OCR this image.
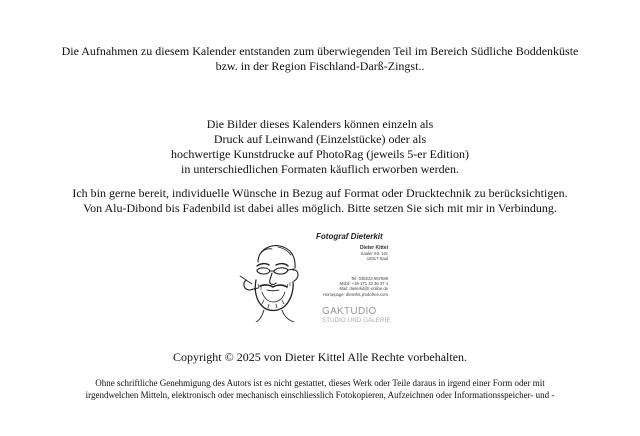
Die Aufnahmen zu diesem Kalender entstanden zum überwiegenden Teil im Bereich Südliche Boddenküste
bzw. in der Region Fischland-Darß-Zingst..
Die Bilder dieses Kalenders können einzeln als
Druck auf Leinwand (Einzelstücke) oder als
hochwertige Kunstdrucke auf PhotoRag (jeweils 5-er Edition)
in unterschiedlichen Formaten käuflich erworben werden.
Ich bin gerne bereit, individuelle Wünsche in Bezug auf Format oder Drucktechnik zu berücksichtigen.
Von Alu-Dibond bis Fadenbild ist dabei alles möglich. Bitte setzen Sie sich mit mir in Verbindung.
Fotograf Dieterkit
Dieter Kittel
Saaler Str. 10c
18317 Saal
Tel: 038223-667689
Mobil: +49 171 33 36 37 4
Mail: dieterkit@t-online.de
Homepage: dieterkit.jimdofree.com
GAKTUDIO
STUDIO UND GALERIE
Copyright © 2025 von Dieter Kittel Alle Rechte vorbehalten.
Ohne schriftliche Genehmigung des Autors ist es nicht gestattet, dieses Werk oder Teile daraus in irgend einer Form oder mit
irgendwelchen Mitteln, elektronisch oder mechanisch einschliesslich Fotokopieren, Aufzeichnen oder Informationsspeicher- und -
